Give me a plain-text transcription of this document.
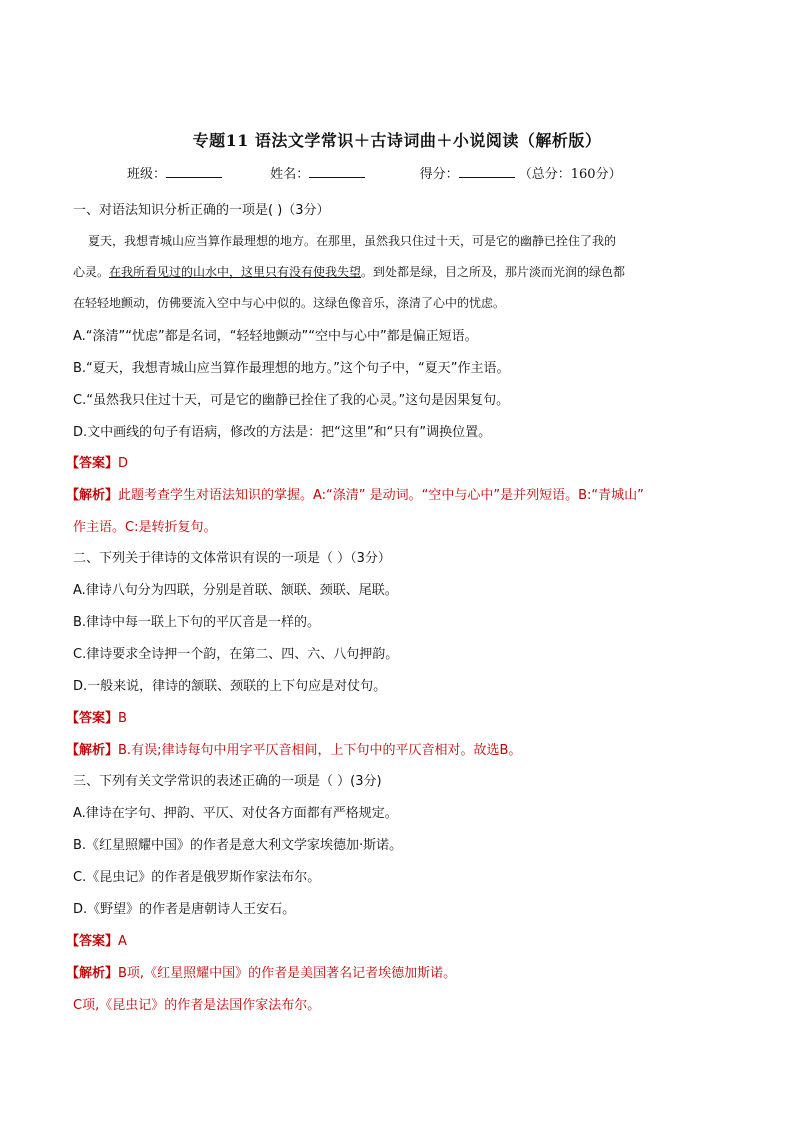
专题11 语法文学常识＋古诗词曲＋小说阅读（解析版）
班级：	姓名：	得分：	（总分：160分）
一、对语法知识分析正确的一项是( )（3分）
夏天，我想青城山应当算作最理想的地方。在那里，虽然我只住过十天，可是它的幽静已拴住了我的
心灵。在我所看见过的山水中，这里只有没有使我失望。到处都是绿，目之所及，那片淡而光润的绿色都
在轻轻地颤动，仿佛要流入空中与心中似的。这绿色像音乐，涤清了心中的忧虑。
A.“涤清”“忧虑”都是名词，“轻轻地颤动”“空中与心中”都是偏正短语。
B.“夏天，我想青城山应当算作最理想的地方。”这个句子中，“夏天”作主语。
C.“虽然我只住过十天，可是它的幽静已拴住了我的心灵。”这句是因果复句。
D.文中画线的句子有语病，修改的方法是：把“这里”和“只有”调换位置。
【答案】D
【解析】此题考查学生对语法知识的掌握。A:“涤清” 是动词。“空中与心中”是并列短语。B:“青城山”
作主语。C:是转折复句。
二、下列关于律诗的文体常识有误的一项是（ ）（3分）
A.律诗八句分为四联，分别是首联、颔联、颈联、尾联。
B.律诗中每一联上下句的平仄音是一样的。
C.律诗要求全诗押一个韵，在第二、四、六、八句押韵。
D.一般来说，律诗的颔联、颈联的上下句应是对仗句。
【答案】B
【解析】B.有误;律诗每句中用字平仄音相间，上下句中的平仄音相对。故选B。
三、下列有关文学常识的表述正确的一项是（ ）(3分)
A.律诗在字句、押韵、平仄、对仗各方面都有严格规定。
B.《红星照耀中国》的作者是意大利文学家埃德加·斯诺。
C.《昆虫记》的作者是俄罗斯作家法布尔。
D.《野望》的作者是唐朝诗人王安石。
【答案】A
【解析】B项,《红星照耀中国》的作者是美国著名记者埃德加斯诺。
C项,《昆虫记》的作者是法国作家法布尔。
